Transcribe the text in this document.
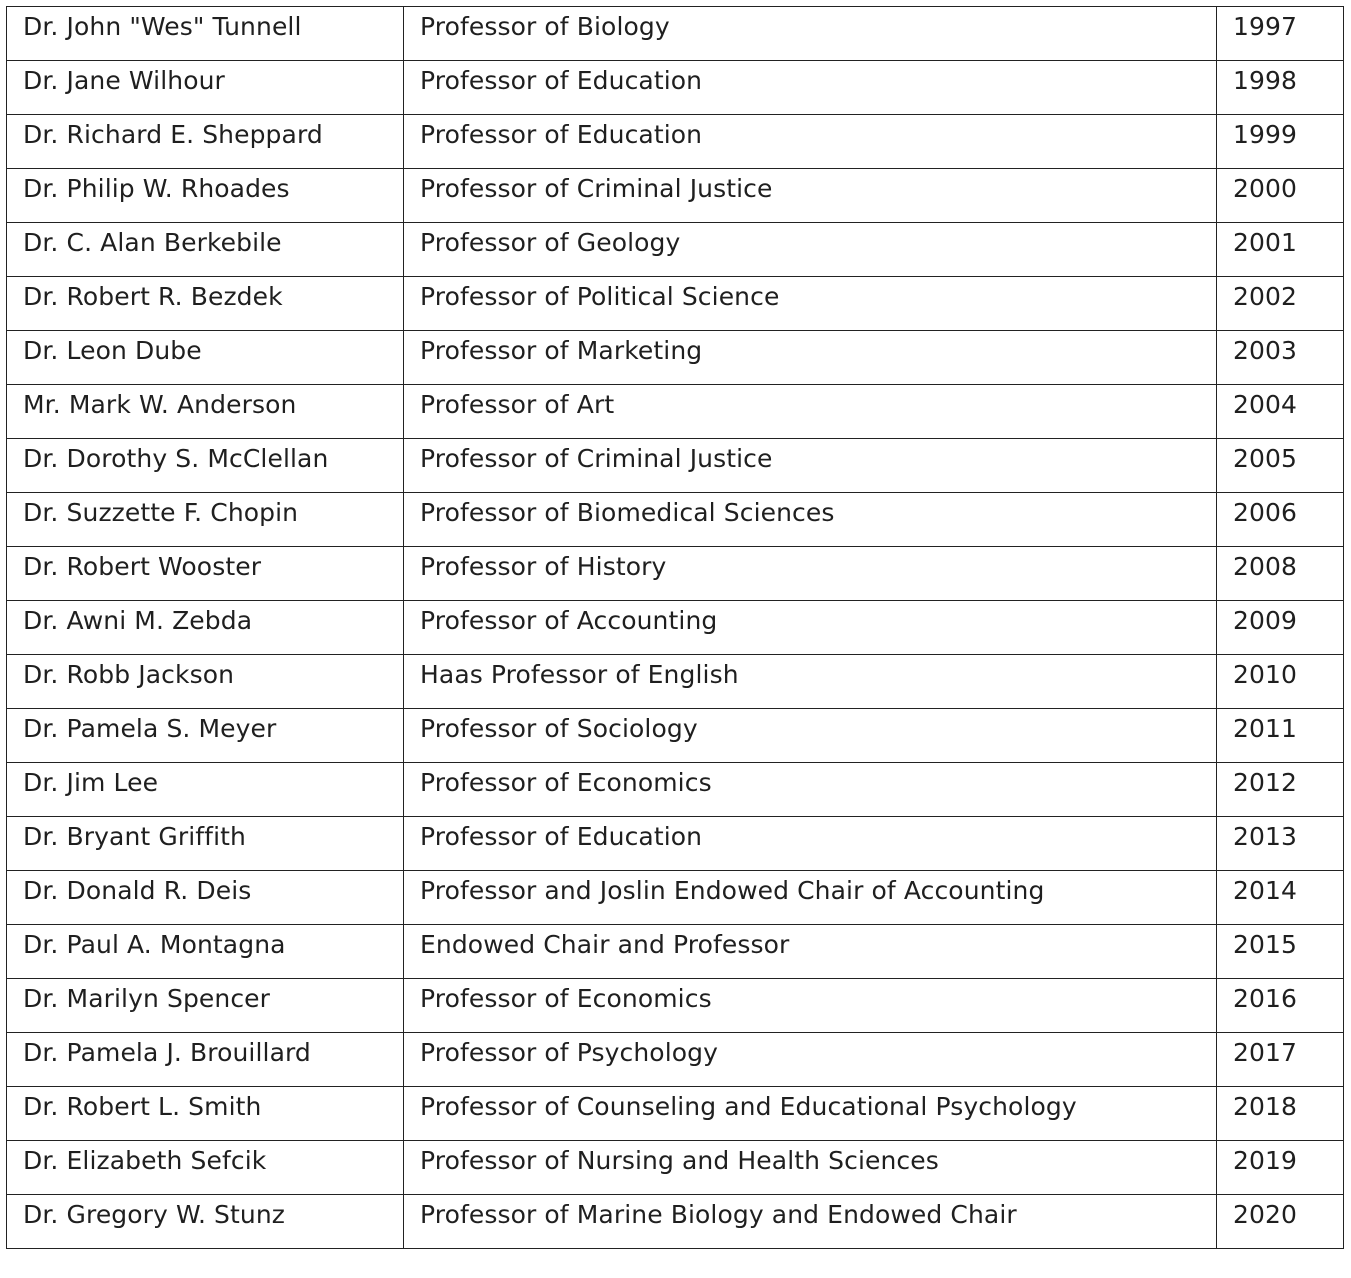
Dr. John "Wes" Tunnell	Professor of Biology	1997
Dr. Jane Wilhour	Professor of Education	1998
Dr. Richard E. Sheppard	Professor of Education	1999
Dr. Philip W. Rhoades	Professor of Criminal Justice	2000
Dr. C. Alan Berkebile	Professor of Geology	2001
Dr. Robert R. Bezdek	Professor of Political Science	2002
Dr. Leon Dube	Professor of Marketing	2003
Mr. Mark W. Anderson	Professor of Art	2004
Dr. Dorothy S. McClellan	Professor of Criminal Justice	2005
Dr. Suzzette F. Chopin	Professor of Biomedical Sciences	2006
Dr. Robert Wooster	Professor of History	2008
Dr. Awni M. Zebda	Professor of Accounting	2009
Dr. Robb Jackson	Haas Professor of English	2010
Dr. Pamela S. Meyer	Professor of Sociology	2011
Dr. Jim Lee	Professor of Economics	2012
Dr. Bryant Griffith	Professor of Education	2013
Dr. Donald R. Deis	Professor and Joslin Endowed Chair of Accounting	2014
Dr. Paul A. Montagna	Endowed Chair and Professor	2015
Dr. Marilyn Spencer	Professor of Economics	2016
Dr. Pamela J. Brouillard	Professor of Psychology	2017
Dr. Robert L. Smith	Professor of Counseling and Educational Psychology	2018
Dr. Elizabeth Sefcik	Professor of Nursing and Health Sciences	2019
Dr. Gregory W. Stunz	Professor of Marine Biology and Endowed Chair	2020
